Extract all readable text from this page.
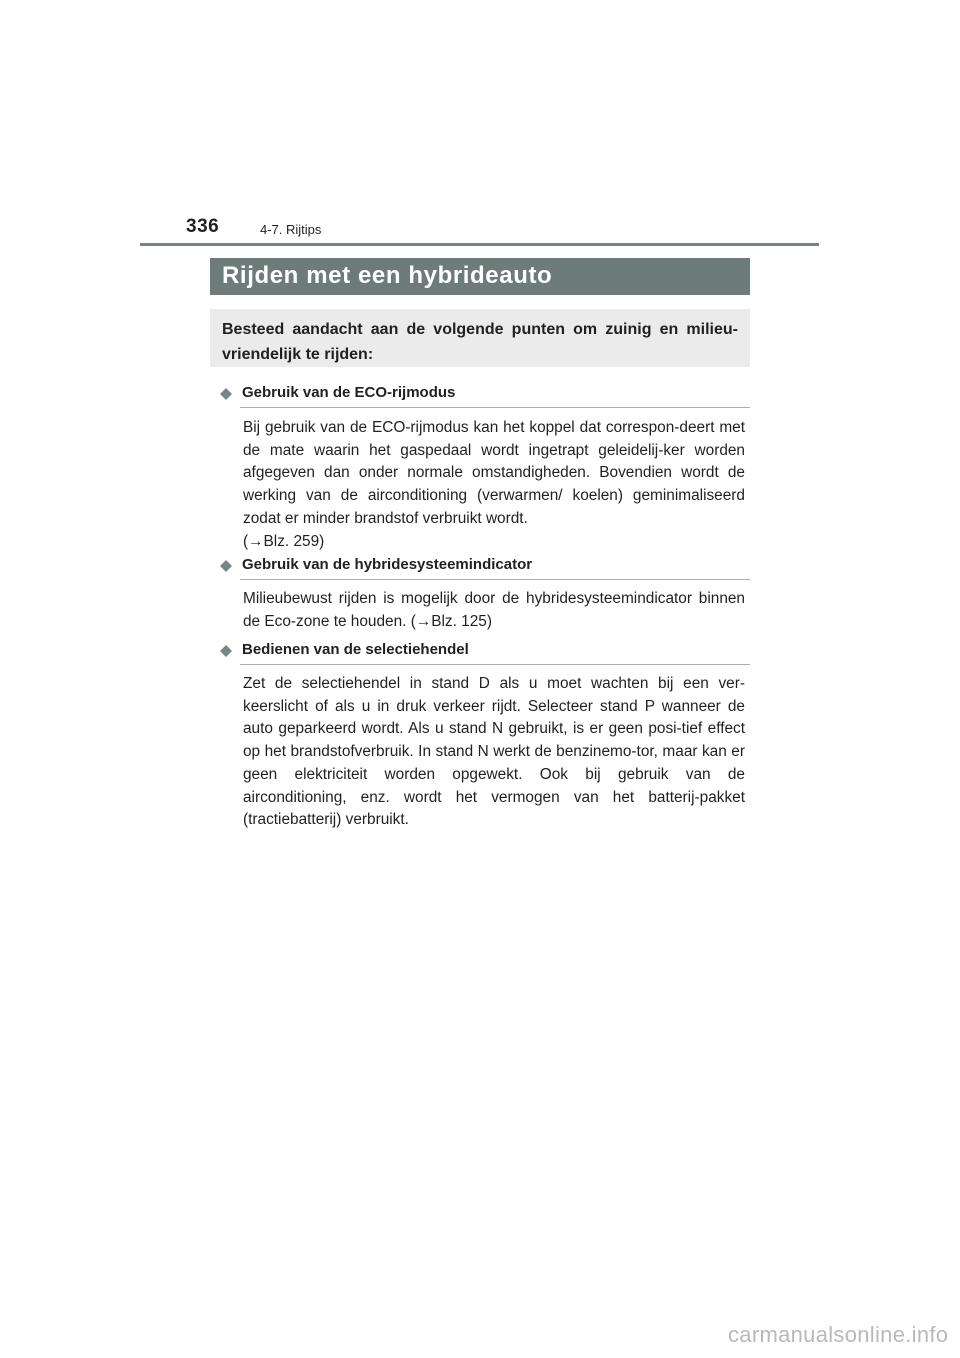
336	4-7. Rijtips
Rijden met een hybrideauto
Besteed aandacht aan de volgende punten om zuinig en milieu-vriendelijk te rijden:
Gebruik van de ECO-rijmodus
Bij gebruik van de ECO-rijmodus kan het koppel dat correspon-deert met de mate waarin het gaspedaal wordt ingetrapt geleidelij-ker worden afgegeven dan onder normale omstandigheden. Bovendien wordt de werking van de airconditioning (verwarmen/ koelen) geminimaliseerd zodat er minder brandstof verbruikt wordt.
(→Blz. 259)
Gebruik van de hybridesysteemindicator
Milieubewust rijden is mogelijk door de hybridesysteemindicator binnen de Eco-zone te houden. (→Blz. 125)
Bedienen van de selectiehendel
Zet de selectiehendel in stand D als u moet wachten bij een ver-keerslicht of als u in druk verkeer rijdt. Selecteer stand P wanneer de auto geparkeerd wordt. Als u stand N gebruikt, is er geen posi-tief effect op het brandstofverbruik. In stand N werkt de benzinemo-tor, maar kan er geen elektriciteit worden opgewekt. Ook bij gebruik van de airconditioning, enz. wordt het vermogen van het batterij-pakket (tractiebatterij) verbruikt.
carmanualsonline.info
